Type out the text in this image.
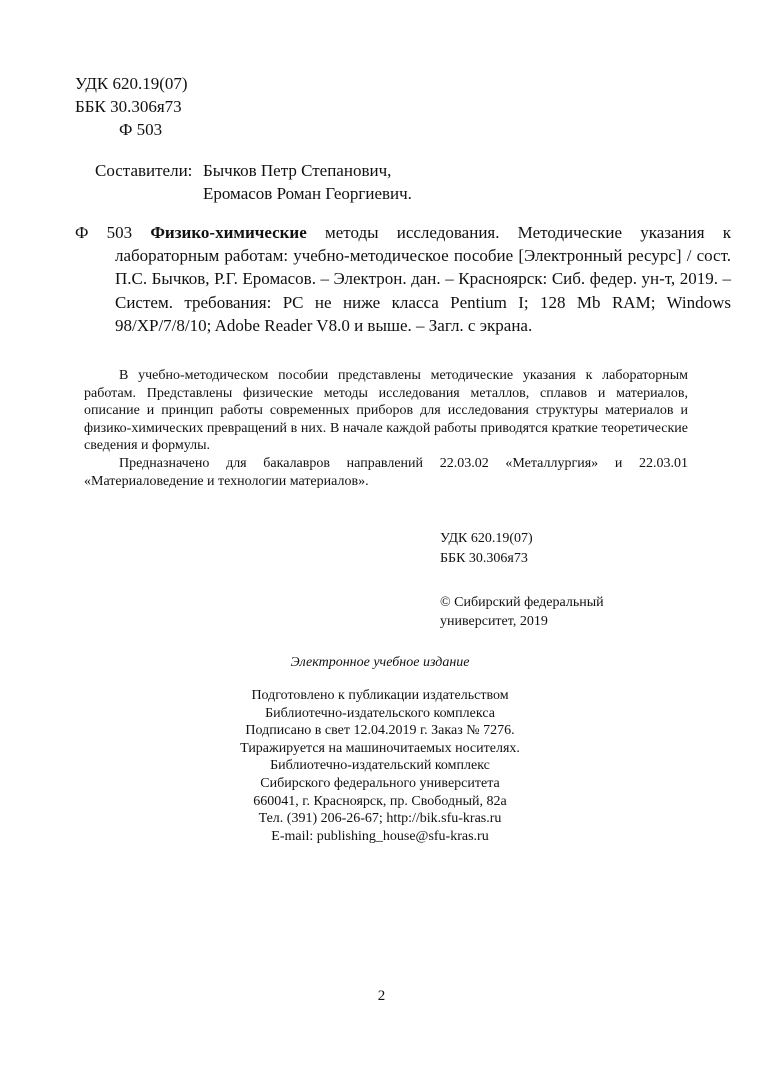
УДК 620.19(07)
ББК 30.306я73
Ф 503
Составители: Бычков Петр Степанович,
Еромасов Роман Георгиевич.
Ф 503 Физико-химические методы исследования. Методические указания к лабораторным работам: учебно-методическое пособие [Электронный ресурс] / сост. П.С. Бычков, Р.Г. Еромасов. – Электрон. дан. – Красноярск: Сиб. федер. ун-т, 2019. – Систем. требования: PC не ниже класса Pentium I; 128 Mb RAM; Windows 98/XP/7/8/10; Adobe Reader V8.0 и выше. – Загл. с экрана.

В учебно-методическом пособии представлены методические указания к лабораторным работам. Представлены физические методы исследования металлов, сплавов и материалов, описание и принцип работы современных приборов для исследования структуры материалов и физико-химических превращений в них. В начале каждой работы приводятся краткие теоретические сведения и формулы.

Предназначено для бакалавров направлений 22.03.02 «Металлургия» и 22.03.01 «Материаловедение и технологии материалов».

УДК 620.19(07)
ББК 30.306я73
© Сибирский федеральный
университет, 2019
Электронное учебное издание
Подготовлено к публикации издательством
Библиотечно-издательского комплекса
Подписано в свет 12.04.2019 г. Заказ № 7276.
Тиражируется на машиночитаемых носителях.
Библиотечно-издательский комплекс
Сибирского федерального университета
660041, г. Красноярск, пр. Свободный, 82а
Тел. (391) 206-26-67; http://bik.sfu-kras.ru
E-mail: publishing_house@sfu-kras.ru
2
